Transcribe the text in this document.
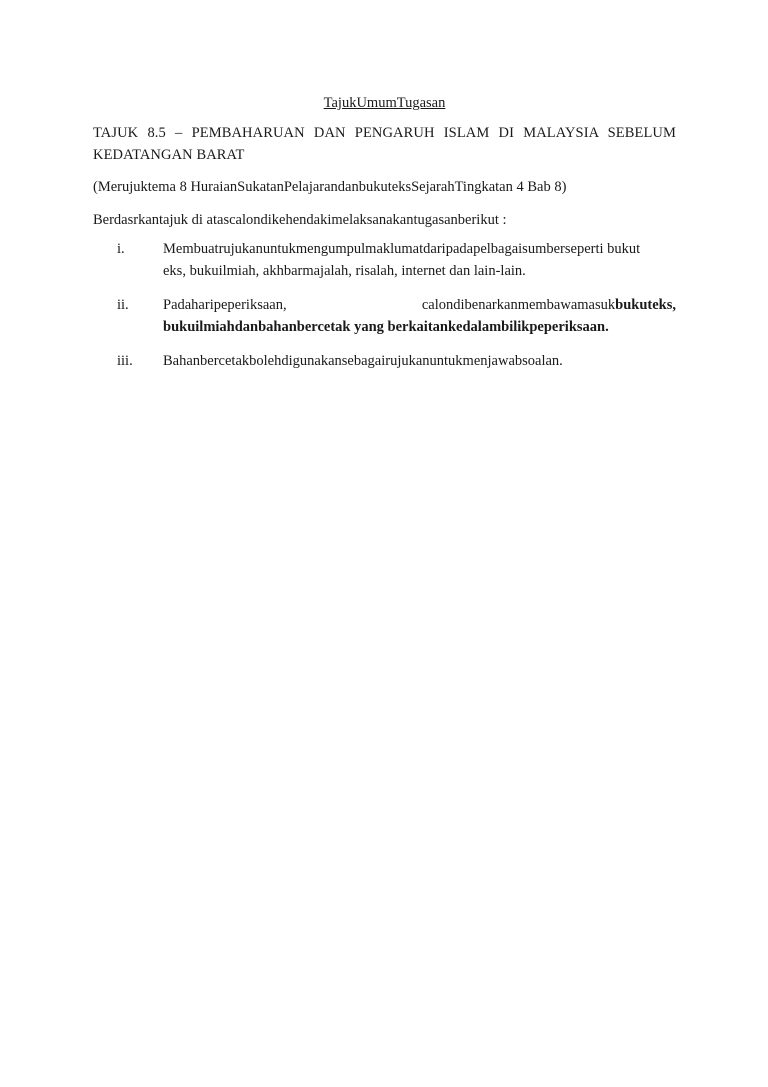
TajukUmumTugasan
TAJUK 8.5 – PEMBAHARUAN DAN PENGARUH ISLAM DI MALAYSIA SEBELUM KEDATANGAN BARAT
(Merujuktema 8 HuraianSukatanPelajarandanbukuteksSejarahTingkatan 4 Bab 8)
Berdasrkantajuk di atascalondikehendakimelaksanakantugasanberikut :
i.	Membuatrujukanuntukmengumpulmaklumatdaripadapelbagaisumberseperti bukut
eks, bukuilmiah, akhbarmajalah, risalah, internet dan lain-lain.
ii.	Padaharipeperiksaan,	calondibenarkanmembawamasukbukuteks,
bukuilmiahdanbahanbercetak yang berkaitankedalambilikpeperiksaan.
iii.	Bahanbercetakbolehdigunakansebagairujukanuntukmenjawabsoalan.
